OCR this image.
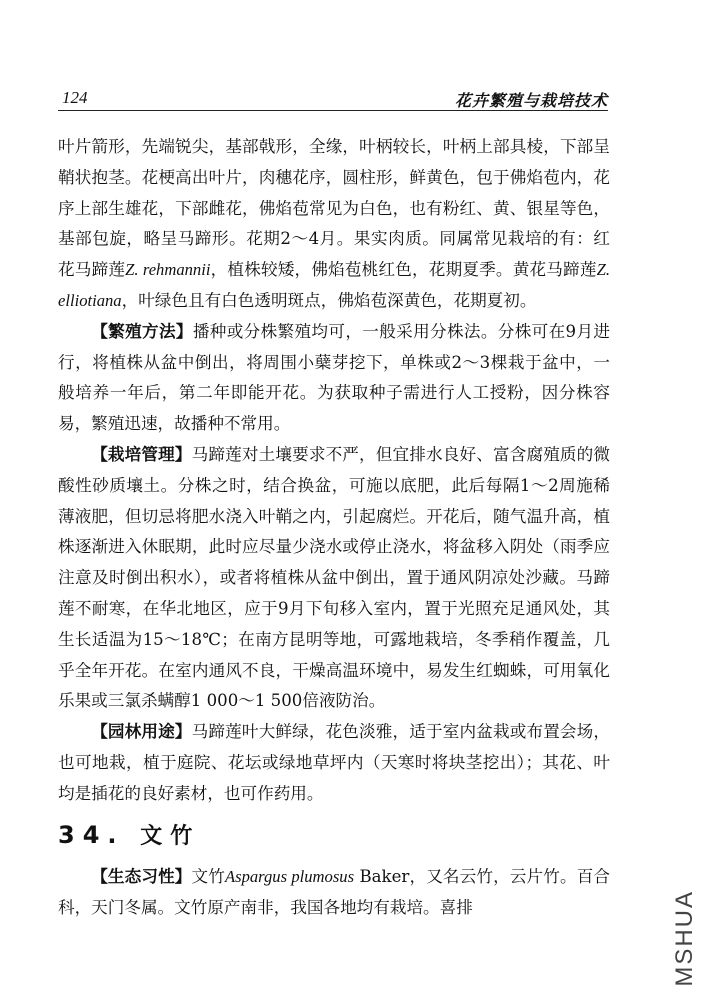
124	花卉繁殖与栽培技术

叶片箭形，先端锐尖，基部戟形，全缘，叶柄较长，叶柄上部具棱，下部呈鞘状抱茎。花梗高出叶片，肉穗花序，圆柱形，鲜黄色，包于佛焰苞内，花序上部生雄花，下部雌花，佛焰苞常见为白色，也有粉红、黄、银星等色，基部包旋，略呈马蹄形。花期2～4月。果实肉质。同属常见栽培的有：红花马蹄莲Z. rehmannii，植株较矮，佛焰苞桃红色，花期夏季。黄花马蹄莲Z. elliotiana，叶绿色且有白色透明斑点，佛焰苞深黄色，花期夏初。

【繁殖方法】播种或分株繁殖均可，一般采用分株法。分株可在9月进行，将植株从盆中倒出，将周围小蘖芽挖下，单株或2～3棵栽于盆中，一般培养一年后，第二年即能开花。为获取种子需进行人工授粉，因分株容易，繁殖迅速，故播种不常用。

【栽培管理】马蹄莲对土壤要求不严，但宜排水良好、富含腐殖质的微酸性砂质壤土。分株之时，结合换盆，可施以底肥，此后每隔1～2周施稀薄液肥，但切忌将肥水浇入叶鞘之内，引起腐烂。开花后，随气温升高，植株逐渐进入休眠期，此时应尽量少浇水或停止浇水，将盆移入阴处（雨季应注意及时倒出积水），或者将植株从盆中倒出，置于通风阴凉处沙藏。马蹄莲不耐寒，在华北地区，应于9月下旬移入室内，置于光照充足通风处，其生长适温为15～18℃；在南方昆明等地，可露地栽培，冬季稍作覆盖，几乎全年开花。在室内通风不良，干燥高温环境中，易发生红蜘蛛，可用氧化乐果或三氯杀螨醇1 000～1 500倍液防治。

【园林用途】马蹄莲叶大鲜绿，花色淡雅，适于室内盆栽或布置会场，也可地栽，植于庭院、花坛或绿地草坪内（天寒时将块茎挖出）；其花、叶均是插花的良好素材，也可作药用。

34. 文竹

【生态习性】文竹Aspargus plumosus Baker，又名云竹，云片竹。百合科，天门冬属。文竹原产南非，我国各地均有栽培。喜排	MSHUA
